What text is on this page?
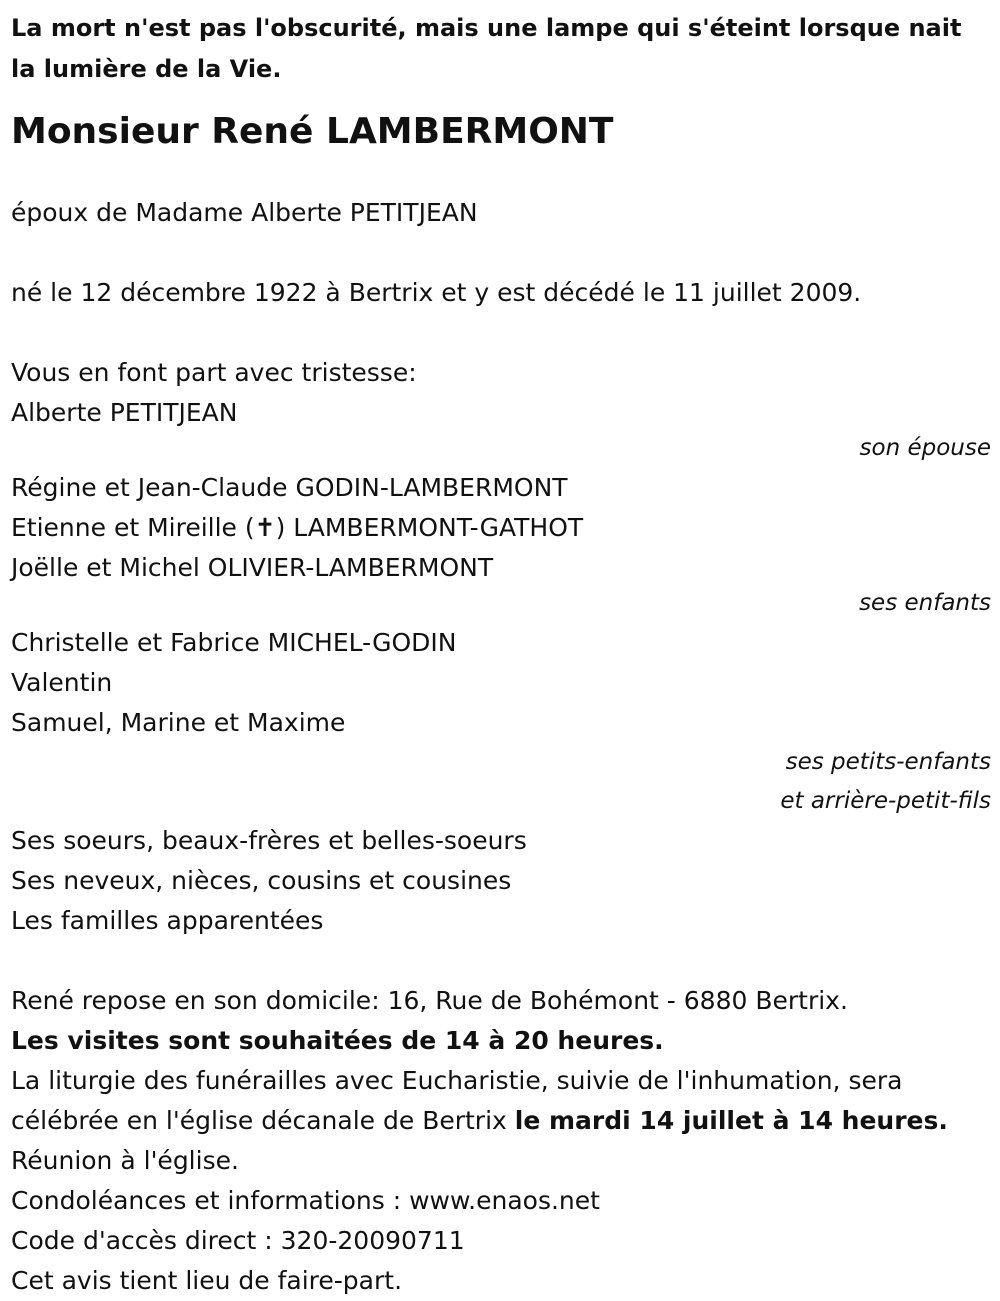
La mort n'est pas l'obscurité, mais une lampe qui s'éteint lorsque nait la lumière de la Vie.

Monsieur René LAMBERMONT
époux de Madame Alberte PETITJEAN
né le 12 décembre 1922 à Bertrix et y est décédé le 11 juillet 2009.
Vous en font part avec tristesse:
Alberte PETITJEAN
son épouse
Régine et Jean-Claude GODIN-LAMBERMONT
Etienne et Mireille (✝) LAMBERMONT-GATHOT
Joëlle et Michel OLIVIER-LAMBERMONT
ses enfants
Christelle et Fabrice MICHEL-GODIN
Valentin
Samuel, Marine et Maxime
ses petits-enfants
et arrière-petit-fils
Ses soeurs, beaux-frères et belles-soeurs
Ses neveux, nièces, cousins et cousines
Les familles apparentées
René repose en son domicile: 16, Rue de Bohémont - 6880 Bertrix.
Les visites sont souhaitées de 14 à 20 heures.
La liturgie des funérailles avec Eucharistie, suivie de l'inhumation, sera
célébrée en l'église décanale de Bertrix le mardi 14 juillet à 14 heures.
Réunion à l'église.
Condoléances et informations : www.enaos.net
Code d'accès direct : 320-20090711
Cet avis tient lieu de faire-part.
